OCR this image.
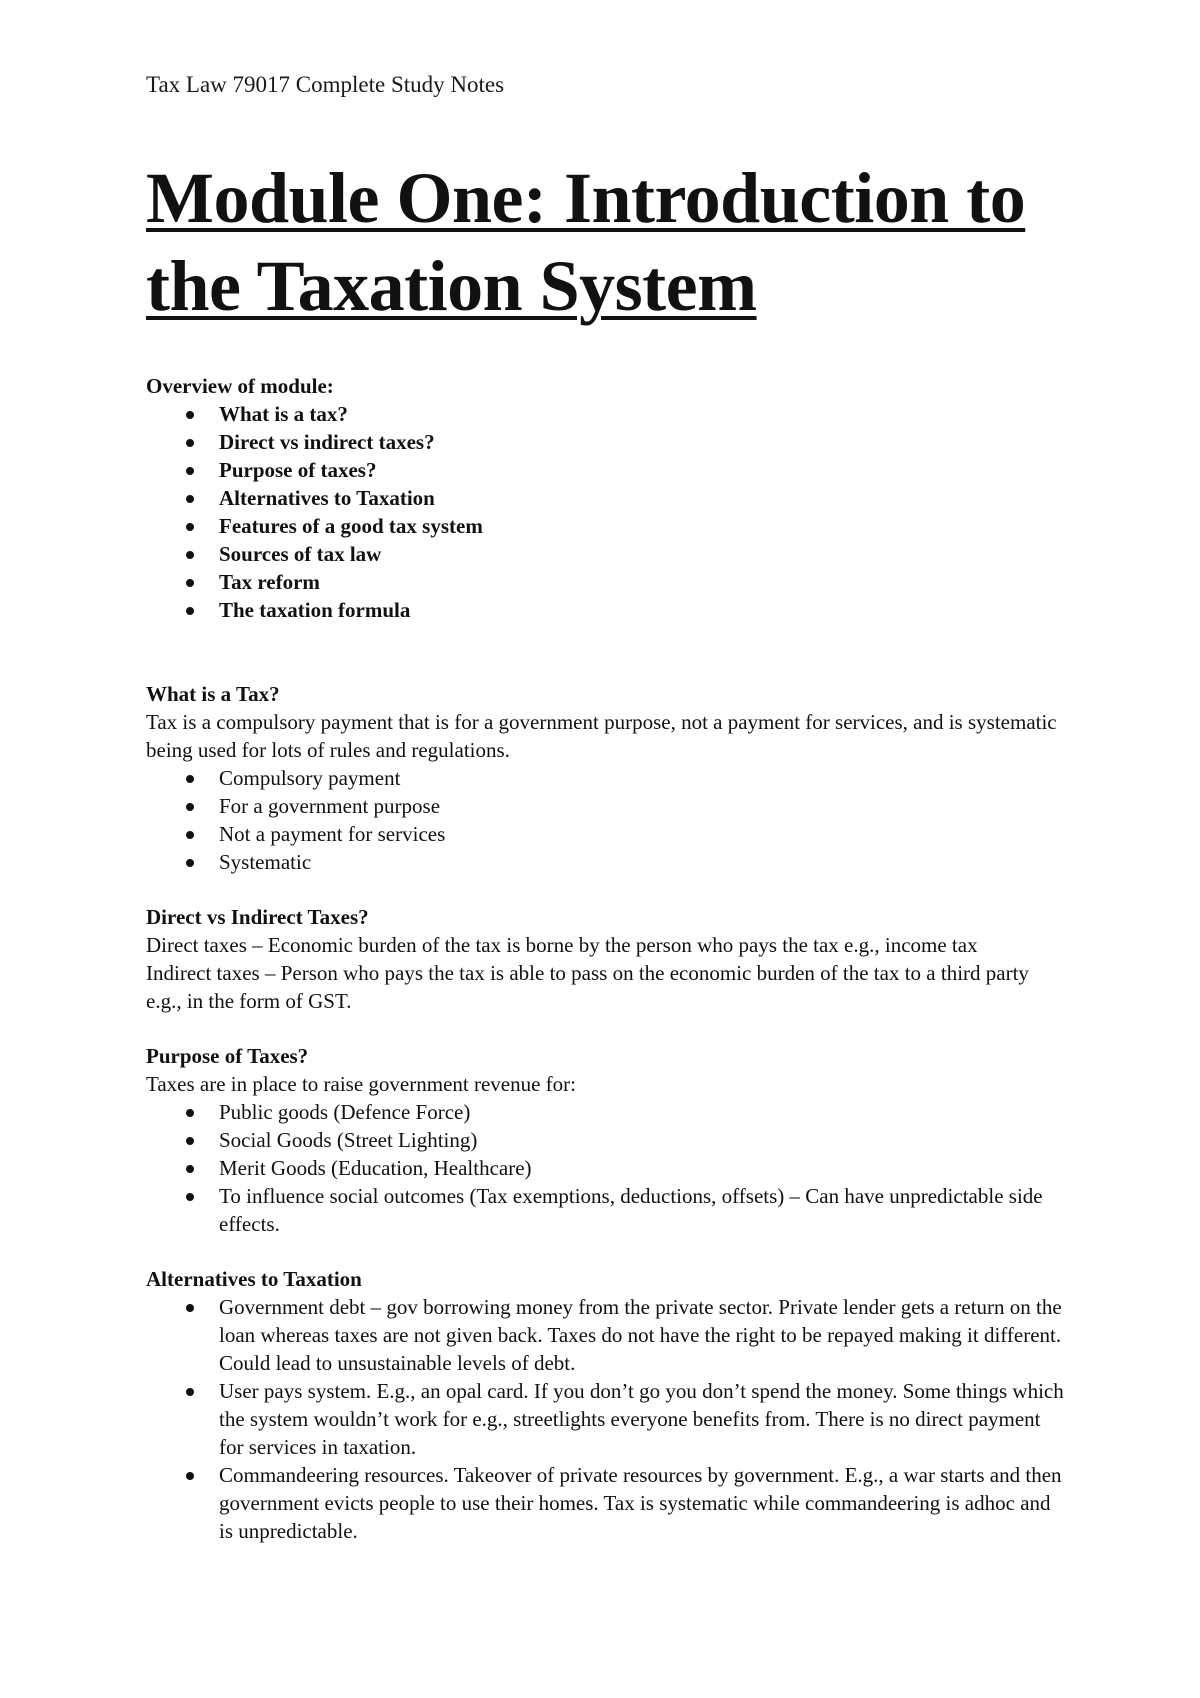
Tax Law 79017 Complete Study Notes

Module One: Introduction to the Taxation System

Overview of module:

What is a tax?
Direct vs indirect taxes?
Purpose of taxes?
Alternatives to Taxation
Features of a good tax system
Sources of tax law
Tax reform
The taxation formula

What is a Tax?

Tax is a compulsory payment that is for a government purpose, not a payment for services, and is systematic being used for lots of rules and regulations.

Compulsory payment
For a government purpose
Not a payment for services
Systematic

Direct vs Indirect Taxes?

Direct taxes – Economic burden of the tax is borne by the person who pays the tax e.g., income tax

Indirect taxes – Person who pays the tax is able to pass on the economic burden of the tax to a third party e.g., in the form of GST.

Purpose of Taxes?

Taxes are in place to raise government revenue for:

Public goods (Defence Force)
Social Goods (Street Lighting)
Merit Goods (Education, Healthcare)
To influence social outcomes (Tax exemptions, deductions, offsets) – Can have unpredictable side effects.

Alternatives to Taxation

Government debt – gov borrowing money from the private sector. Private lender gets a return on the loan whereas taxes are not given back. Taxes do not have the right to be repayed making it different. Could lead to unsustainable levels of debt.
User pays system. E.g., an opal card. If you don’t go you don’t spend the money. Some things which the system wouldn’t work for e.g., streetlights everyone benefits from. There is no direct payment for services in taxation.
Commandeering resources. Takeover of private resources by government. E.g., a war starts and then government evicts people to use their homes. Tax is systematic while commandeering is adhoc and is unpredictable.
